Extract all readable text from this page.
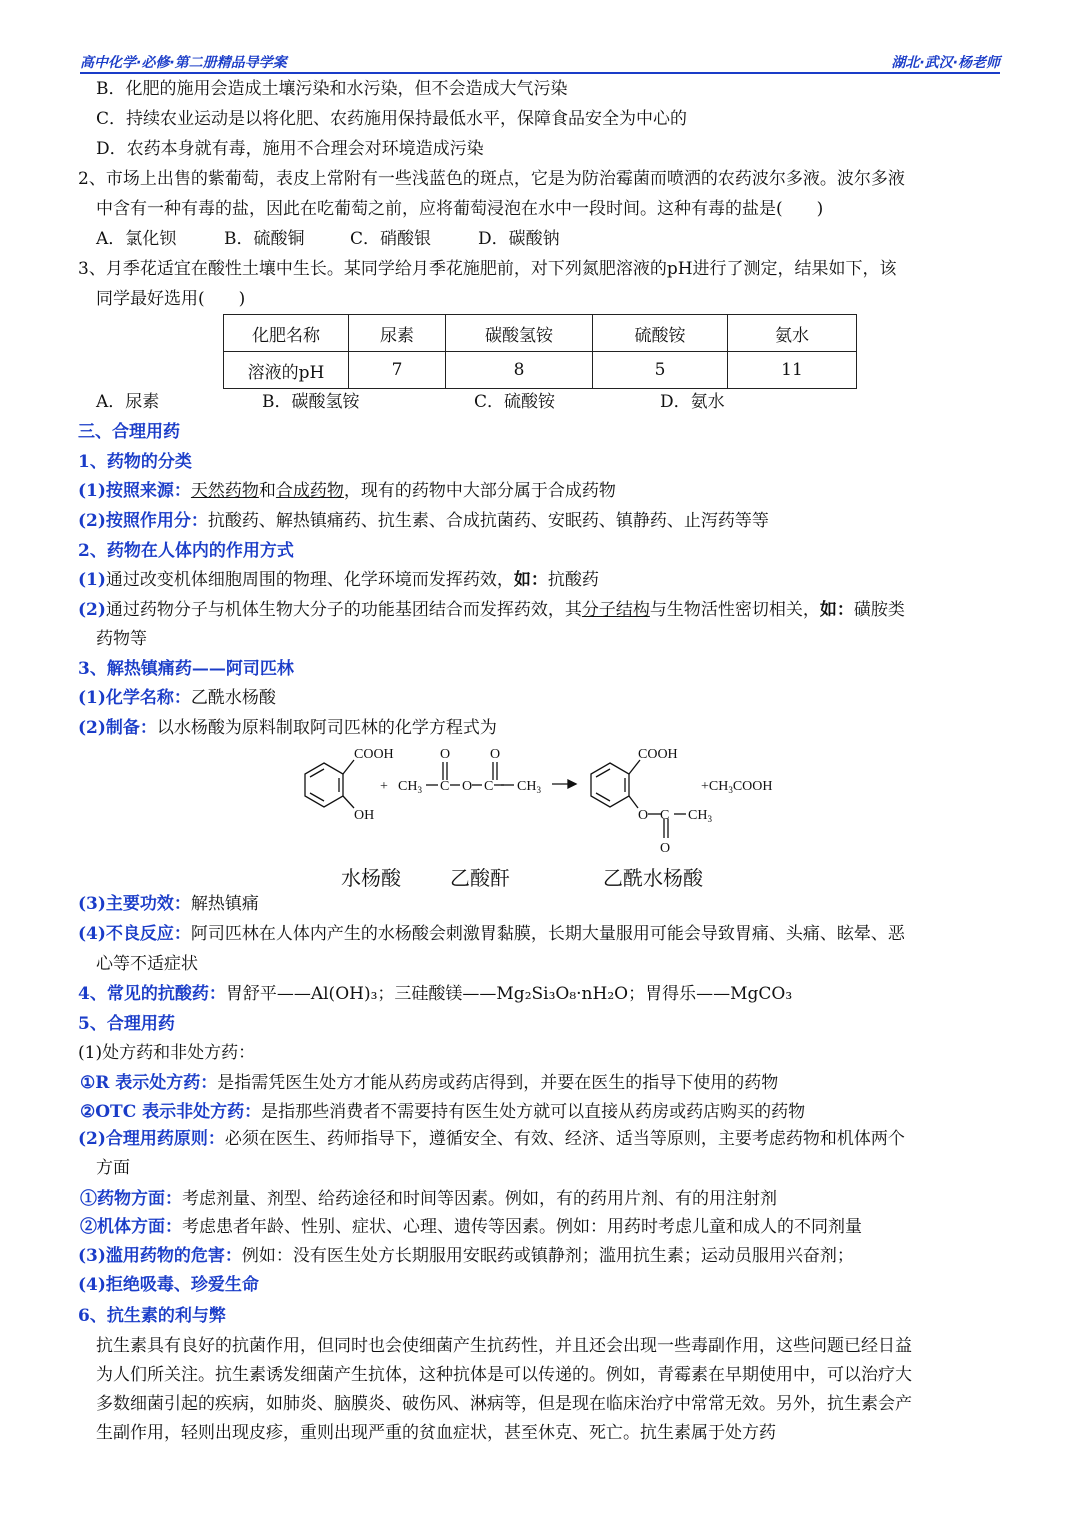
高中化学·必修·第二册精品导学案	湖北·武汉·杨老师
B．化肥的施用会造成土壤污染和水污染，但不会造成大气污染
C．持续农业运动是以将化肥、农药施用保持最低水平，保障食品安全为中心的
D．农药本身就有毒，施用不合理会对环境造成污染
2、市场上出售的紫葡萄，表皮上常附有一些浅蓝色的斑点，它是为防治霉菌而喷洒的农药波尔多液。波尔多液
中含有一种有毒的盐，因此在吃葡萄之前，应将葡萄浸泡在水中一段时间。这种有毒的盐是(　　)
A．氯化钡	B．硫酸铜	C．硝酸银	D．碳酸钠
3、月季花适宜在酸性土壤中生长。某同学给月季花施肥前，对下列氮肥溶液的pH进行了测定，结果如下，该
同学最好选用(　　)
化肥名称	尿素	碳酸氢铵	硫酸铵	氨水
溶液的pH	7	8	5	11
A．尿素	B．碳酸氢铵	C．硫酸铵	D．氨水
三、合理用药
1、药物的分类
(1)按照来源：天然药物和合成药物，现有的药物中大部分属于合成药物
(2)按照作用分：抗酸药、解热镇痛药、抗生素、合成抗菌药、安眠药、镇静药、止泻药等等
2、药物在人体内的作用方式
(1)通过改变机体细胞周围的物理、化学环境而发挥药效，如：抗酸药
(2)通过药物分子与机体生物大分子的功能基团结合而发挥药效，其分子结构与生物活性密切相关，如：磺胺类
药物等
3、解热镇痛药——阿司匹林
(1)化学名称：乙酰水杨酸
(2)制备：以水杨酸为原料制取阿司匹林的化学方程式为
COOH
OH
+ $CH_3$ C O C $CH_3$
O	O	COOH
O C $CH_3$
O
$+CH_3COOH$
水杨酸 乙酸酐	乙酰水杨酸
(3)主要功效：解热镇痛
(4)不良反应：阿司匹林在人体内产生的水杨酸会刺激胃黏膜，长期大量服用可能会导致胃痛、头痛、眩晕、恶
心等不适症状
4、常见的抗酸药：胃舒平——Al(OH)₃；三硅酸镁——Mg₂Si₃O₈·nH₂O；胃得乐——MgCO₃
5、合理用药
(1)处方药和非处方药：
①R 表示处方药：是指需凭医生处方才能从药房或药店得到，并要在医生的指导下使用的药物
②OTC 表示非处方药：是指那些消费者不需要持有医生处方就可以直接从药房或药店购买的药物
(2)合理用药原则：必须在医生、药师指导下，遵循安全、有效、经济、适当等原则，主要考虑药物和机体两个
方面
①药物方面：考虑剂量、剂型、给药途径和时间等因素。例如，有的药用片剂、有的用注射剂
②机体方面：考虑患者年龄、性别、症状、心理、遗传等因素。例如：用药时考虑儿童和成人的不同剂量
(3)滥用药物的危害：例如：没有医生处方长期服用安眠药或镇静剂；滥用抗生素；运动员服用兴奋剂；
(4)拒绝吸毒、珍爱生命
6、抗生素的利与弊
抗生素具有良好的抗菌作用，但同时也会使细菌产生抗药性，并且还会出现一些毒副作用，这些问题已经日益
为人们所关注。抗生素诱发细菌产生抗体，这种抗体是可以传递的。例如，青霉素在早期使用中，可以治疗大
多数细菌引起的疾病，如肺炎、脑膜炎、破伤风、淋病等，但是现在临床治疗中常常无效。另外，抗生素会产
生副作用，轻则出现皮疹，重则出现严重的贫血症状，甚至休克、死亡。抗生素属于处方药
